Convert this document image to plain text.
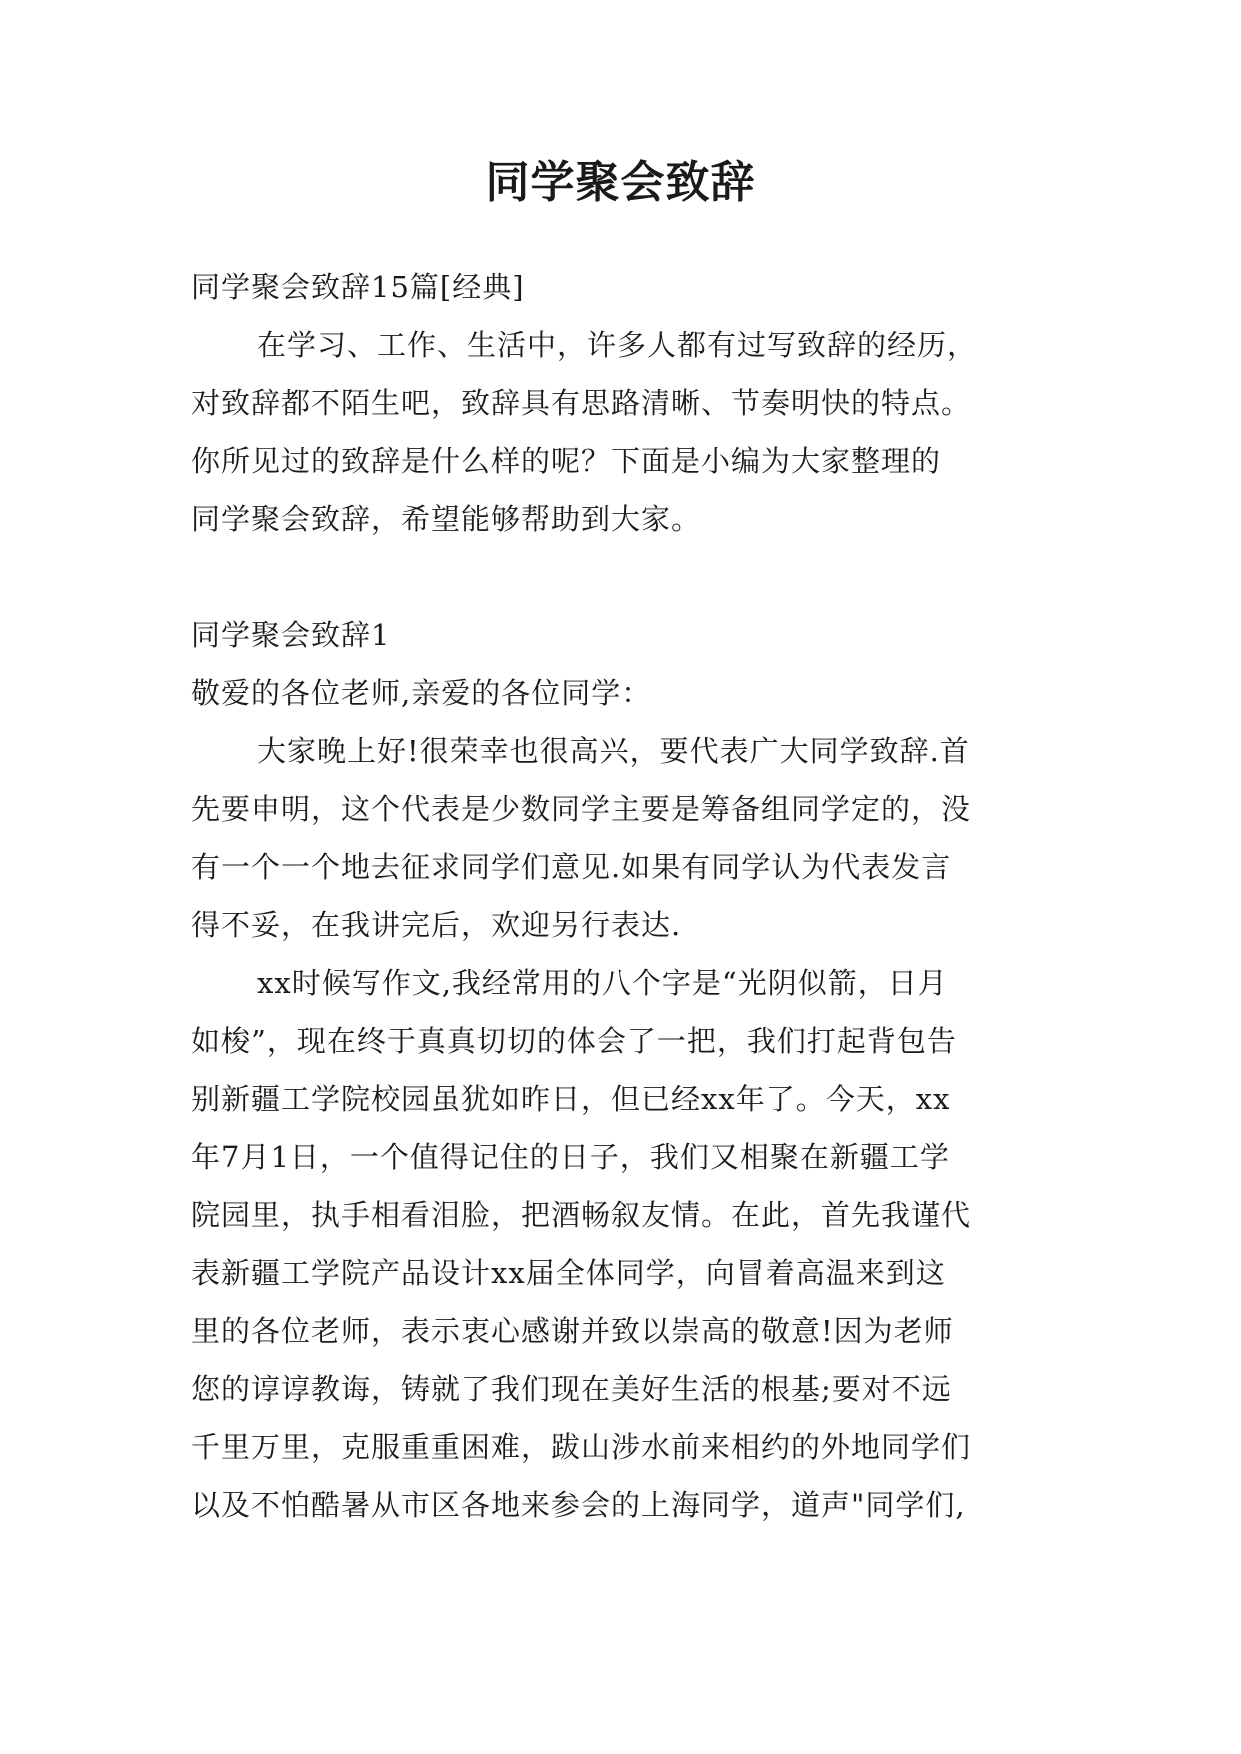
同学聚会致辞

同学聚会致辞15篇[经典]

在学习、工作、生活中，许多人都有过写致辞的经历，

对致辞都不陌生吧，致辞具有思路清晰、节奏明快的特点。

你所见过的致辞是什么样的呢？下面是小编为大家整理的

同学聚会致辞，希望能够帮助到大家。

同学聚会致辞1

敬爱的各位老师,亲爱的各位同学：

大家晚上好!很荣幸也很高兴，要代表广大同学致辞.首

先要申明，这个代表是少数同学主要是筹备组同学定的，没

有一个一个地去征求同学们意见.如果有同学认为代表发言

得不妥，在我讲完后，欢迎另行表达.

xx时候写作文,我经常用的八个字是“光阴似箭，日月

如梭”，现在终于真真切切的体会了一把，我们打起背包告

别新疆工学院校园虽犹如昨日，但已经xx年了。今天，xx

年7月1日，一个值得记住的日子，我们又相聚在新疆工学

院园里，执手相看泪脸，把酒畅叙友情。在此，首先我谨代

表新疆工学院产品设计xx届全体同学，向冒着高温来到这

里的各位老师，表示衷心感谢并致以崇高的敬意!因为老师

您的谆谆教诲，铸就了我们现在美好生活的根基;要对不远

千里万里，克服重重困难，跋山涉水前来相约的外地同学们

以及不怕酷暑从市区各地来参会的上海同学，道声"同学们,
